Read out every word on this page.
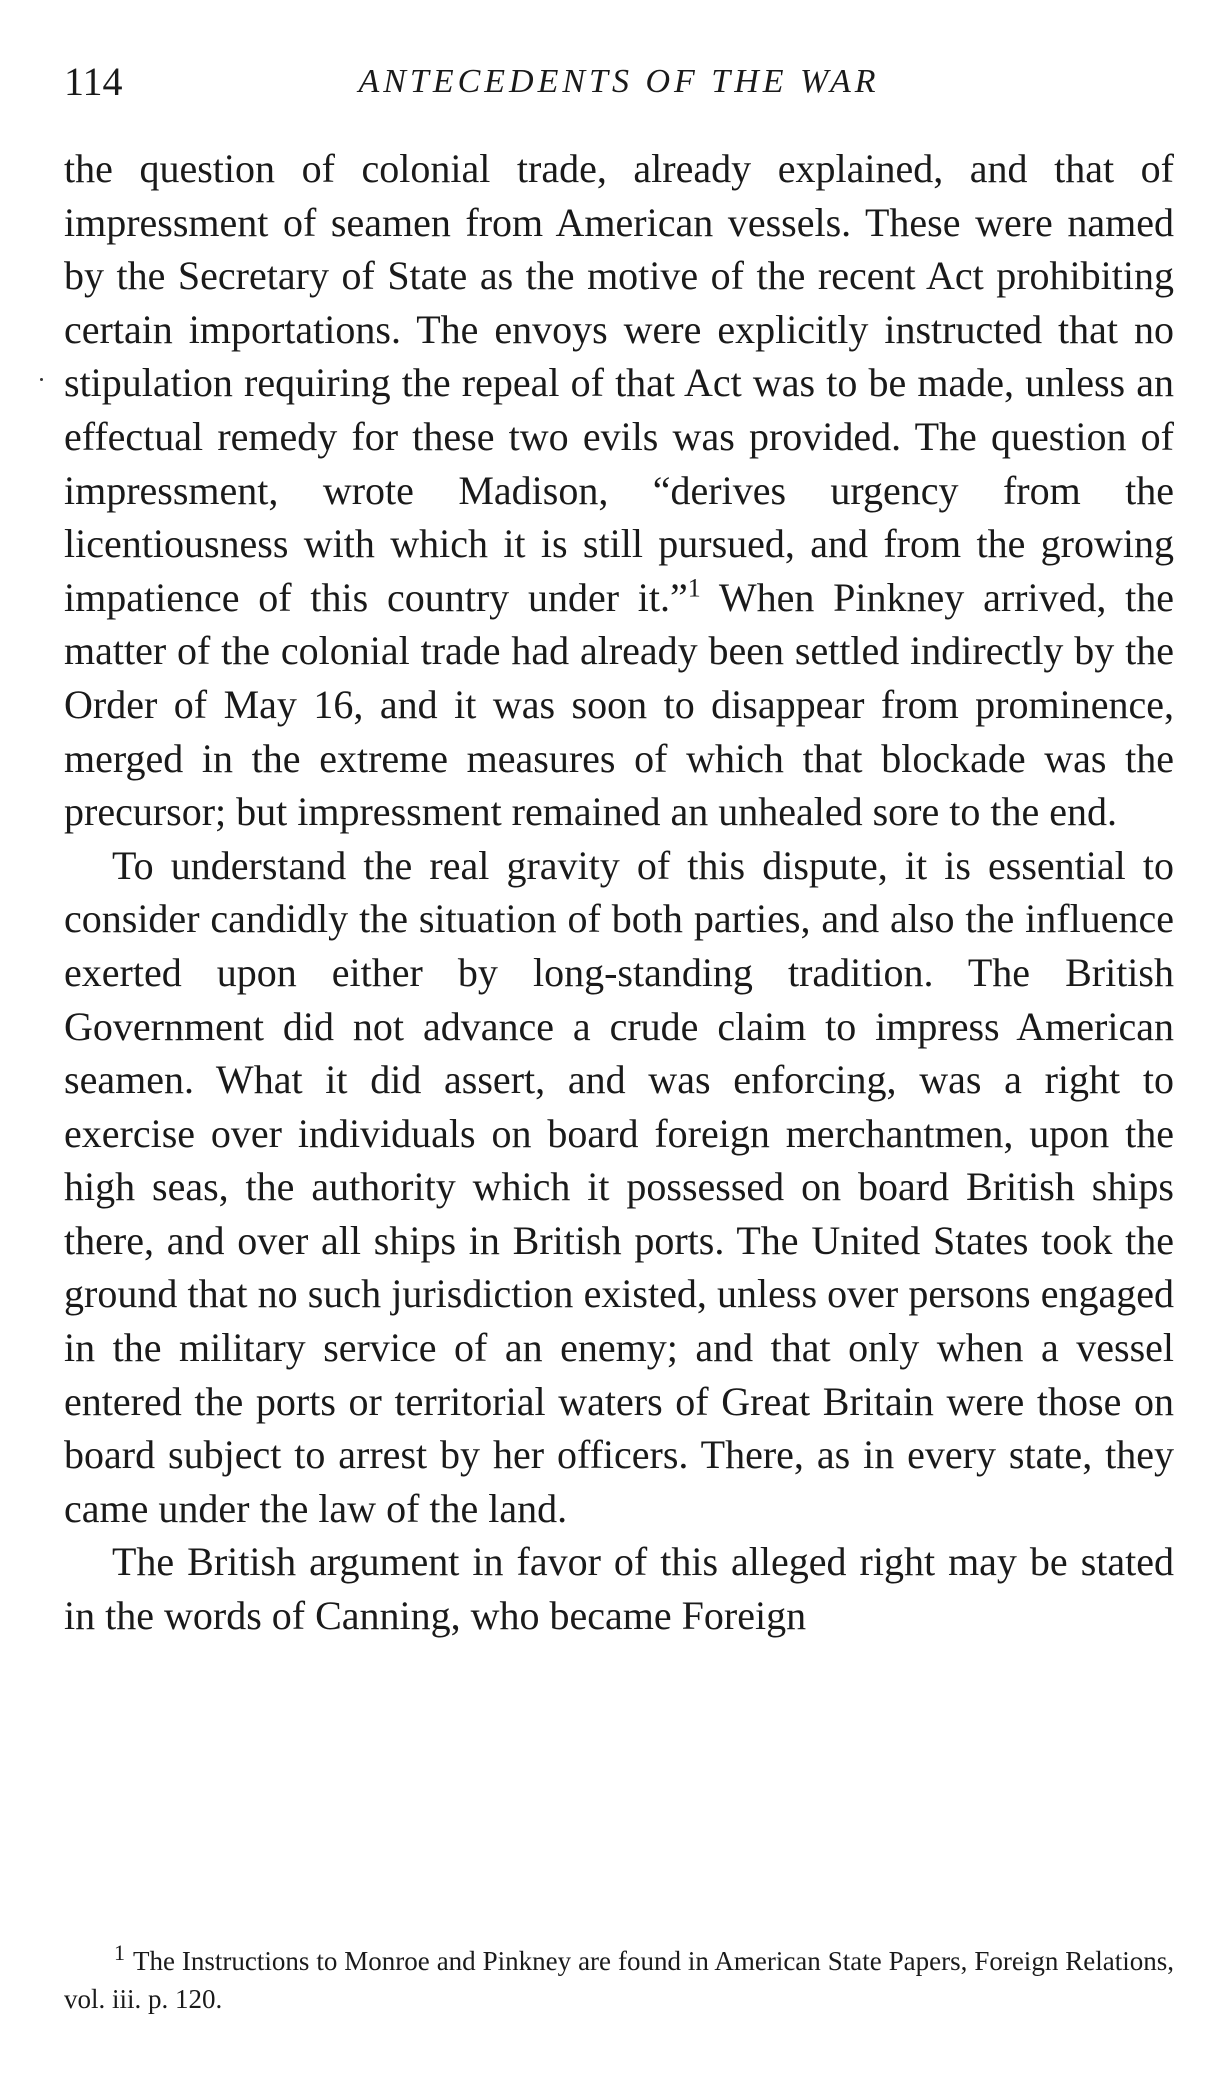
114	ANTECEDENTS OF THE WAR

the question of colonial trade, already explained, and that of impressment of seamen from American vessels. These were named by the Secretary of State as the motive of the recent Act prohibiting certain importations. The envoys were explicitly instructed that no stipulation requiring the repeal of that Act was to be made, unless an effectual remedy for these two evils was provided. The question of impressment, wrote Madison, “derives urgency from the licentiousness with which it is still pursued, and from the growing impatience of this country under it.”$^1$ When Pinkney arrived, the matter of the colonial trade had already been settled indirectly by the Order of May 16, and it was soon to disappear from prominence, merged in the extreme measures of which that blockade was the precursor; but impressment remained an unhealed sore to the end.

To understand the real gravity of this dispute, it is essential to consider candidly the situation of both parties, and also the influence exerted upon either by long-standing tradition. The British Government did not advance a crude claim to impress American seamen. What it did assert, and was enforcing, was a right to exercise over individuals on board foreign merchantmen, upon the high seas, the authority which it possessed on board British ships there, and over all ships in British ports. The United States took the ground that no such jurisdiction existed, unless over persons engaged in the military service of an enemy; and that only when a vessel entered the ports or territorial waters of Great Britain were those on board subject to arrest by her officers. There, as in every state, they came under the law of the land.

The British argument in favor of this alleged right may be stated in the words of Canning, who became Foreign

$^1$ The Instructions to Monroe and Pinkney are found in American State Papers, Foreign Relations, vol. iii. p. 120.
